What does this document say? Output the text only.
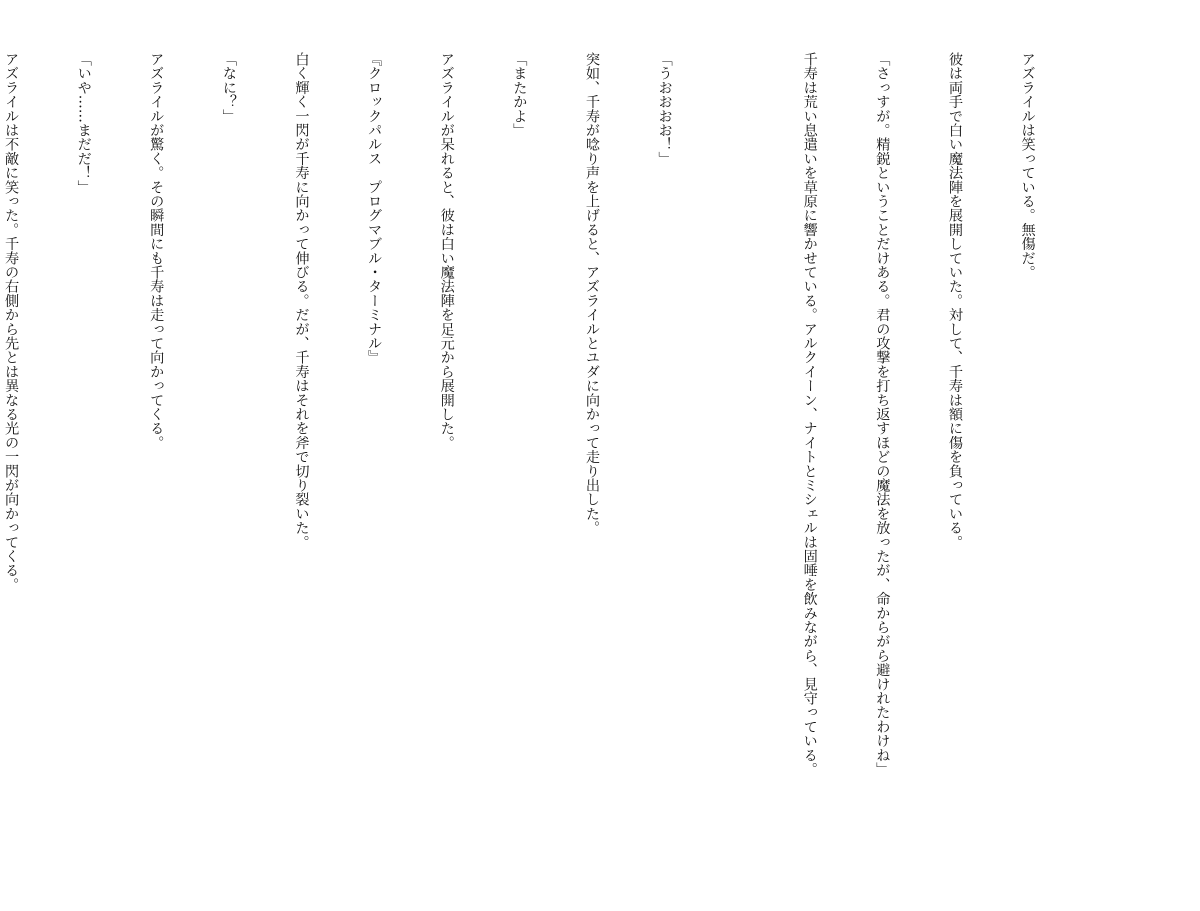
アズライルは笑っている。無傷だ。

彼は両手で白い魔法陣を展開していた。対して、千寿は額に傷を負っている。

「さっすが。精鋭ということだけある。君の攻撃を打ち返すほどの魔法を放ったが、命からがら避けれたわけね」

千寿は荒い息遣いを草原に響かせている。アルクイーン、ナイトとミシェルは固唾を飲みながら、見守っている。

「うおおおお！」

突如、千寿が唸り声を上げると、アズライルとユダに向かって走り出した。

「またかよ」

アズライルが呆れると、彼は白い魔法陣を足元から展開した。

『クロックパルス　プログマブル・ターミナル』

白く輝く一閃が千寿に向かって伸びる。だが、千寿はそれを斧で切り裂いた。

「なに？」

アズライルが驚く。その瞬間にも千寿は走って向かってくる。

「いや……まだだ！」

アズライルは不敵に笑った。千寿の右側から先とは異なる光の一閃が向かってくる。
